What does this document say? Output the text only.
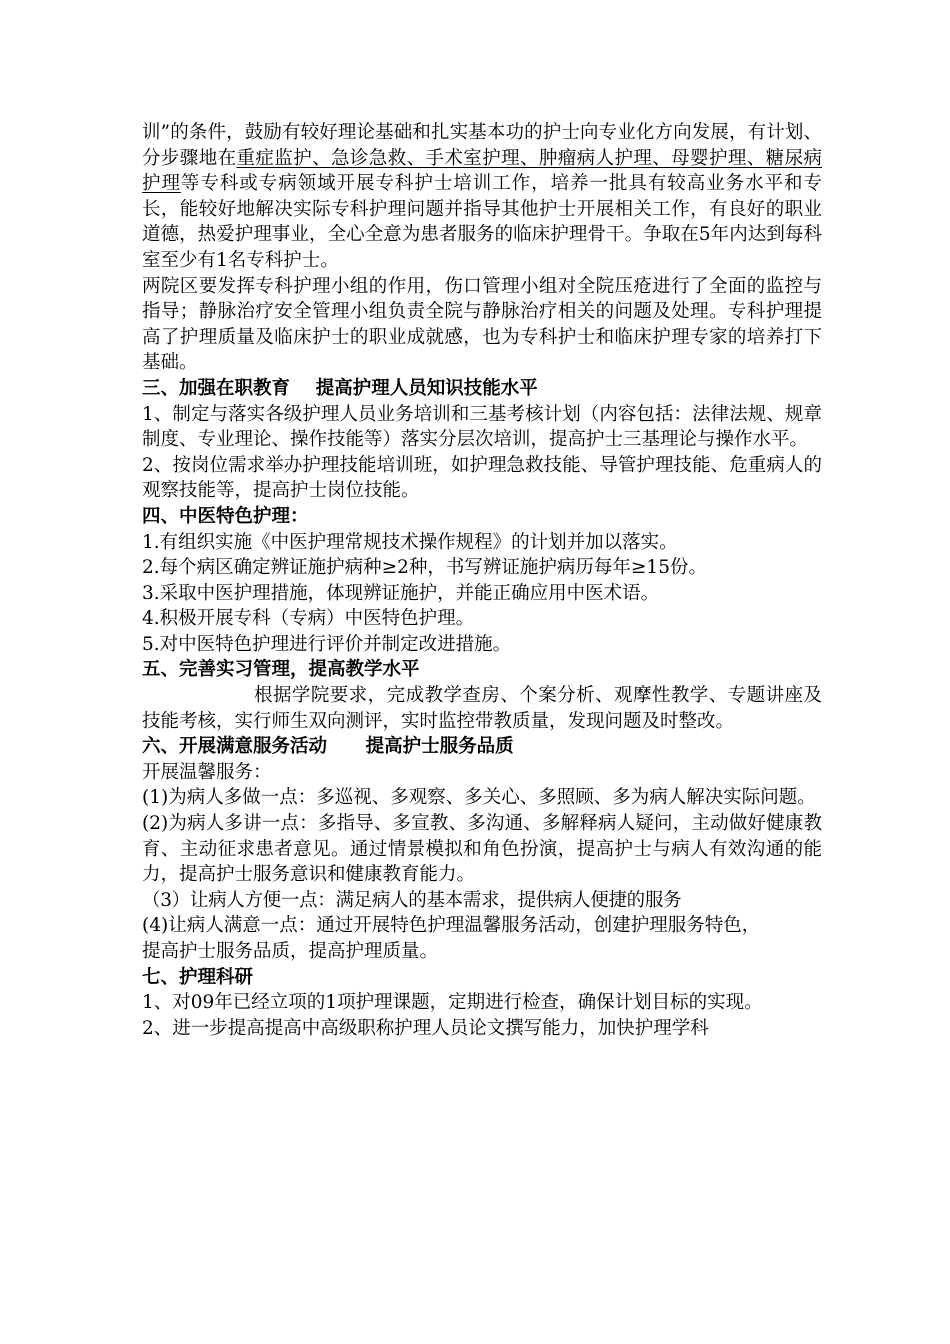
训”的条件，鼓励有较好理论基础和扎实基本功的护士向专业化方向发展，有计划、分步骤地在重症监护、急诊急救、手术室护理、肿瘤病人护理、母婴护理、糖尿病护理等专科或专病领域开展专科护士培训工作，培养一批具有较高业务水平和专长，能较好地解决实际专科护理问题并指导其他护士开展相关工作，有良好的职业道德，热爱护理事业，全心全意为患者服务的临床护理骨干。争取在5年内达到每科室至少有1名专科护士。

两院区要发挥专科护理小组的作用，伤口管理小组对全院压疮进行了全面的监控与指导；静脉治疗安全管理小组负责全院与静脉治疗相关的问题及处理。专科护理提高了护理质量及临床护士的职业成就感，也为专科护士和临床护理专家的培养打下基础。

三、加强在职教育    提高护理人员知识技能水平

1、制定与落实各级护理人员业务培训和三基考核计划（内容包括：法律法规、规章制度、专业理论、操作技能等）落实分层次培训，提高护士三基理论与操作水平。

2、按岗位需求举办护理技能培训班，如护理急救技能、导管护理技能、危重病人的观察技能等，提高护士岗位技能。

四、中医特色护理：

1.有组织实施《中医护理常规技术操作规程》的计划并加以落实。

2.每个病区确定辨证施护病种≥2种，书写辨证施护病历每年≥15份。

3.采取中医护理措施，体现辨证施护，并能正确应用中医术语。

4.积极开展专科（专病）中医特色护理。

5.对中医特色护理进行评价并制定改进措施。

五、完善实习管理，提高教学水平

根据学院要求，完成教学查房、个案分析、观摩性教学、专题讲座及技能考核，实行师生双向测评，实时监控带教质量，发现问题及时整改。

六、开展满意服务活动      提高护士服务品质

开展温馨服务：

(1)为病人多做一点：多巡视、多观察、多关心、多照顾、多为病人解决实际问题。

(2)为病人多讲一点：多指导、多宣教、多沟通、多解释病人疑问，主动做好健康教育、主动征求患者意见。通过情景模拟和角色扮演，提高护士与病人有效沟通的能力，提高护士服务意识和健康教育能力。

（3）让病人方便一点：满足病人的基本需求，提供病人便捷的服务

(4)让病人满意一点：通过开展特色护理温馨服务活动，创建护理服务特色，

提高护士服务品质，提高护理质量。

七、护理科研

1、对09年已经立项的1项护理课题，定期进行检查，确保计划目标的实现。

2、进一步提高提高中高级职称护理人员论文撰写能力，加快护理学科
